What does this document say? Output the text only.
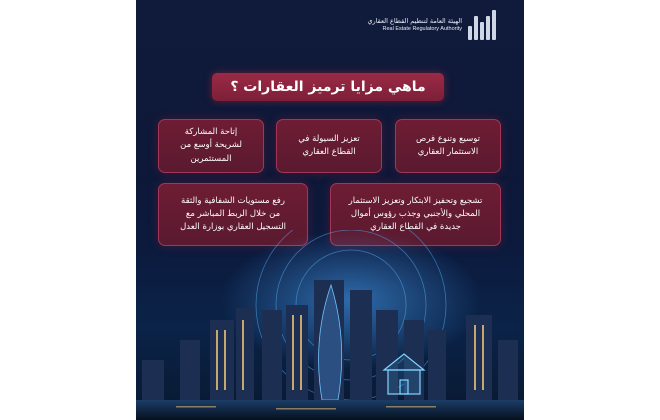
الهيئة العامة لتنظيم القطاع العقاري
Real Estate Regulatory Authority
ماهي مزايا ترميز العقارات ؟
توسيع وتنوع فرص
الاستثمار العقاري
تعزيز السيولة في
القطاع العقاري
إتاحة المشاركة
لشريحة أوسع من
المستثمرين
تشجيع وتحفيز الابتكار وتعزيز الاستثمار
المحلي والأجنبي وجذب رؤوس أموال
جديدة في القطاع العقاري
رفع مستويات الشفافية والثقة
من خلال الربط المباشر مع
التسجيل العقاري بوزارة العدل
